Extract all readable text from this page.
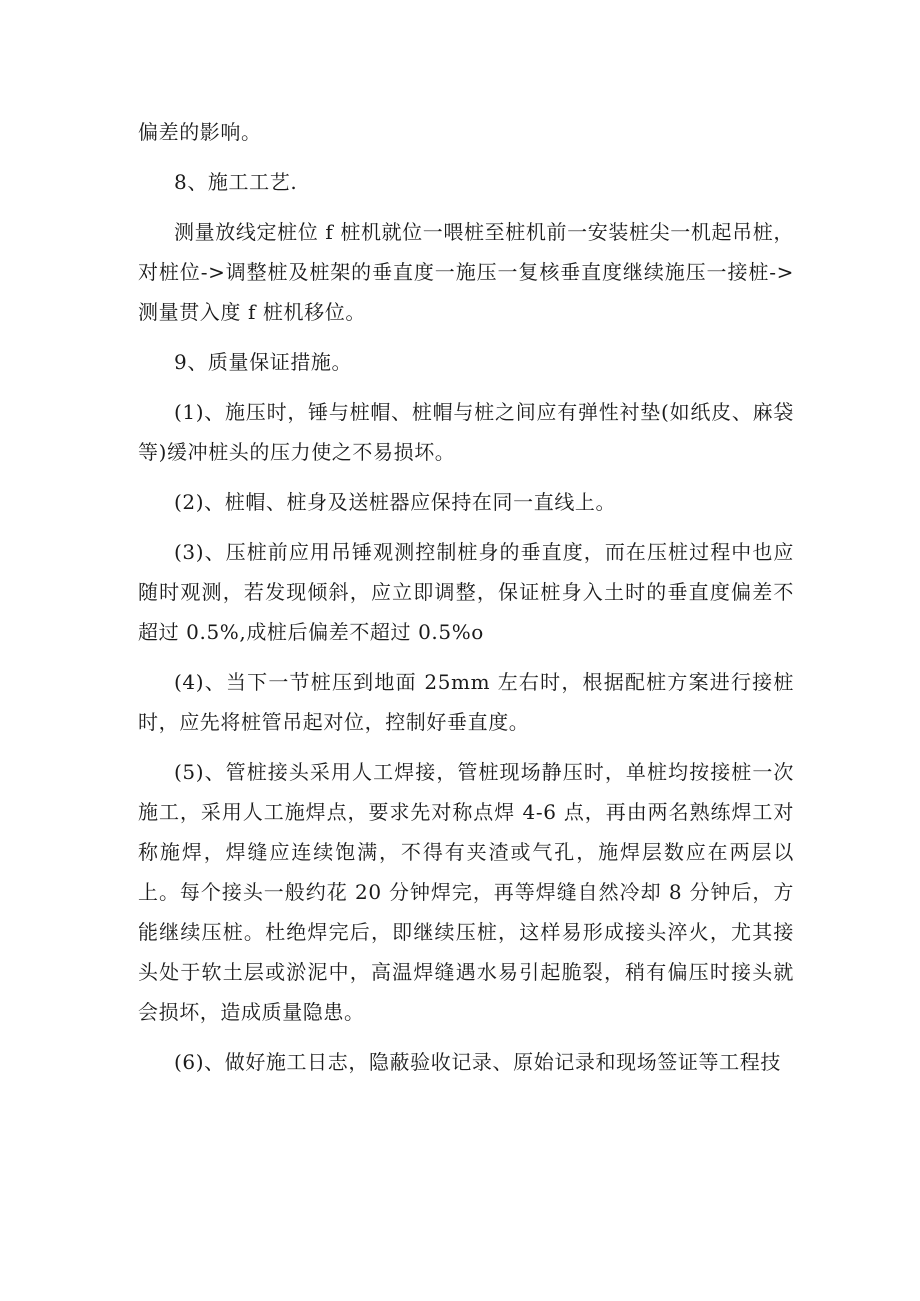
偏差的影响。

8、施工工艺.

测量放线定桩位 f 桩机就位一喂桩至桩机前一安装桩尖一机起吊桩，对桩位->调整桩及桩架的垂直度一施压一复核垂直度继续施压一接桩->测量贯入度 f 桩机移位。

9、质量保证措施。

(1)、施压时，锤与桩帽、桩帽与桩之间应有弹性衬垫(如纸皮、麻袋等)缓冲桩头的压力使之不易损坏。

(2)、桩帽、桩身及送桩器应保持在同一直线上。

(3)、压桩前应用吊锤观测控制桩身的垂直度，而在压桩过程中也应随时观测，若发现倾斜，应立即调整，保证桩身入土时的垂直度偏差不超过 0.5%,成桩后偏差不超过 0.5%o

(4)、当下一节桩压到地面 25mm 左右时，根据配桩方案进行接桩时，应先将桩管吊起对位，控制好垂直度。

(5)、管桩接头采用人工焊接，管桩现场静压时，单桩均按接桩一次施工，采用人工施焊点，要求先对称点焊 4-6 点，再由两名熟练焊工对称施焊，焊缝应连续饱满，不得有夹渣或气孔，施焊层数应在两层以上。每个接头一般约花 20 分钟焊完，再等焊缝自然冷却 8 分钟后，方能继续压桩。杜绝焊完后，即继续压桩，这样易形成接头淬火，尤其接头处于软土层或淤泥中，高温焊缝遇水易引起脆裂，稍有偏压时接头就会损坏，造成质量隐患。

(6)、做好施工日志，隐蔽验收记录、原始记录和现场签证等工程技
